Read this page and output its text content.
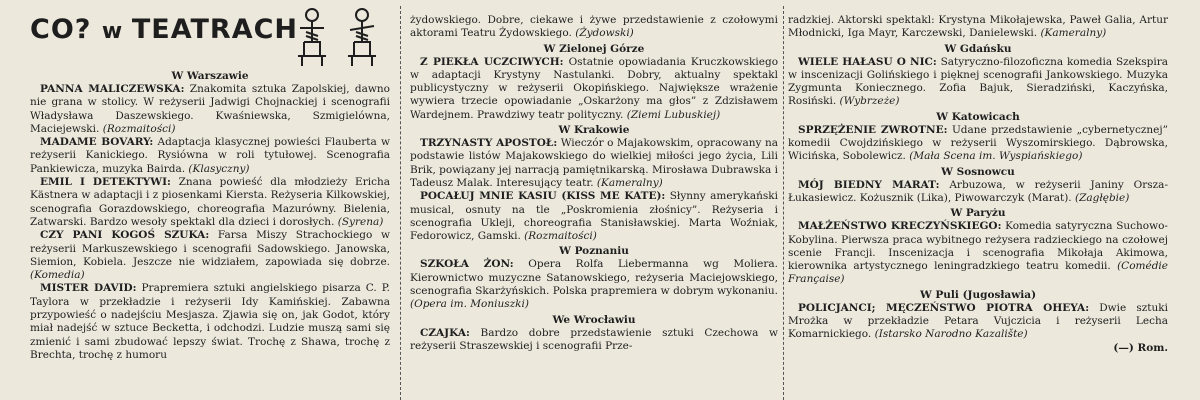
CO? w TEATRACH
W Warszawie

PANNA MALICZEWSKA: Znakomita sztuka Zapolskiej, dawno nie grana w stolicy. W reżyserii Jadwigi Chojnackiej i scenografii Władysława Daszewskiego. Kwaśniewska, Szmigielówna, Maciejewski. (Rozmaitości)

MADAME BOVARY: Adaptacja klasycznej powieści Flauberta w reżyserii Kanickiego. Rysiówna w roli tytułowej. Scenografia Pankiewicza, muzyka Bairda. (Klasyczny)

EMIL I DETEKTYWI: Znana powieść dla młodzieży Ericha Kästnera w adaptacji i z piosenkami Kiersta. Reżyseria Kilkowskiej, scenografia Gorazdowskiego, choreografia Mazurówny. Bielenia, Zatwarski. Bardzo wesoły spektakl dla dzieci i dorosłych. (Syrena)

CZY PANI KOGOŚ SZUKA: Farsa Miszy Strachockiego w reżyserii Markuszewskiego i scenografii Sadowskiego. Janowska, Siemion, Kobiela. Jeszcze nie widziałem, zapowiada się dobrze. (Komedia)

MISTER DAVID: Prapremiera sztuki angielskiego pisarza C. P. Taylora w przekładzie i reżyserii Idy Kamińskiej. Zabawna przypowieść o nadejściu Mesjasza. Zjawia się on, jak Godot, który miał nadejść w sztuce Becketta, i odchodzi. Ludzie muszą sami się zmienić i sami zbudować lepszy świat. Trochę z Shawa, trochę z Brechta, trochę z humoru

żydowskiego. Dobre, ciekawe i żywe przedstawienie z czołowymi aktorami Teatru Żydowskiego. (Żydowski)

W Zielonej Górze

Z PIEKŁA UCZCIWYCH: Ostatnie opowiadania Kruczkowskiego w adaptacji Krystyny Nastulanki. Dobry, aktualny spektakl publicystyczny w reżyserii Okopińskiego. Największe wrażenie wywiera trzecie opowiadanie „Oskarżony ma głos” z Zdzisławem Wardejnem. Prawdziwy teatr polityczny. (Ziemi Lubuskiej)

W Krakowie

TRZYNASTY APOSTOŁ: Wieczór o Majakowskim, opracowany na podstawie listów Majakowskiego do wielkiej miłości jego życia, Lili Brik, powiązany jej narracją pamiętnikarską. Mirosława Dubrawska i Tadeusz Malak. Interesujący teatr. (Kameralny)

POCAŁUJ MNIE KASIU (KISS ME KATE): Słynny amerykański musical, osnuty na tle „Poskromienia złośnicy”. Reżyseria i scenografia Ukleji, choreografia Stanisławskiej. Marta Woźniak, Fedorowicz, Gamski. (Rozmaitości)

W Poznaniu

SZKOŁA ŻON: Opera Rolfa Liebermanna wg Moliera. Kierownictwo muzyczne Satanowskiego, reżyseria Maciejowskiego, scenografia Skarżyńskich. Polska prapremiera w dobrym wykonaniu. (Opera im. Moniuszki)

We Wrocławiu

CZAJKA: Bardzo dobre przedstawienie sztuki Czechowa w reżyserii Straszewskiej i scenografii Prze-

radzkiej. Aktorski spektakl: Krystyna Mikołajewska, Paweł Galia, Artur Młodnicki, Iga Mayr, Karczewski, Danielewski. (Kameralny)

W Gdańsku

WIELE HAŁASU O NIC: Satyryczno-filozoficzna komedia Szekspira w inscenizacji Golińskiego i pięknej scenografii Jankowskiego. Muzyka Zygmunta Koniecznego. Zofia Bajuk, Sieradziński, Kaczyńska, Rosiński. (Wybrzeże)

W Katowicach

SPRZĘŻENIE ZWROTNE: Udane przedstawienie „cybernetycznej” komedii Cwojdzińskiego w reżyserii Wyszomirskiego. Dąbrowska, Wicińska, Sobolewicz. (Mała Scena im. Wyspiańskiego)

W Sosnowcu

MÓJ BIEDNY MARAT: Arbuzowa, w reżyserii Janiny Orsza-Łukasiewicz. Kożusznik (Lika), Piwowarczyk (Marat). (Zagłębie)

W Paryżu

MAŁŻEŃSTWO KRECZYŃSKIEGO: Komedia satyryczna Suchowo-Kobylina. Pierwsza praca wybitnego reżysera radzieckiego na czołowej scenie Francji. Inscenizacja i scenografia Mikołaja Akimowa, kierownika artystycznego leningradzkiego teatru komedii. (Comédie Française)

W Puli (Jugosławia)

POLICJANCI; MĘCZEŃSTWO PIOTRA OHEYA: Dwie sztuki Mrożka w przekładzie Petara Vujczicia i reżyserii Lecha Komarnickiego. (Istarsko Narodno Kazalište)

(—) Rom.
